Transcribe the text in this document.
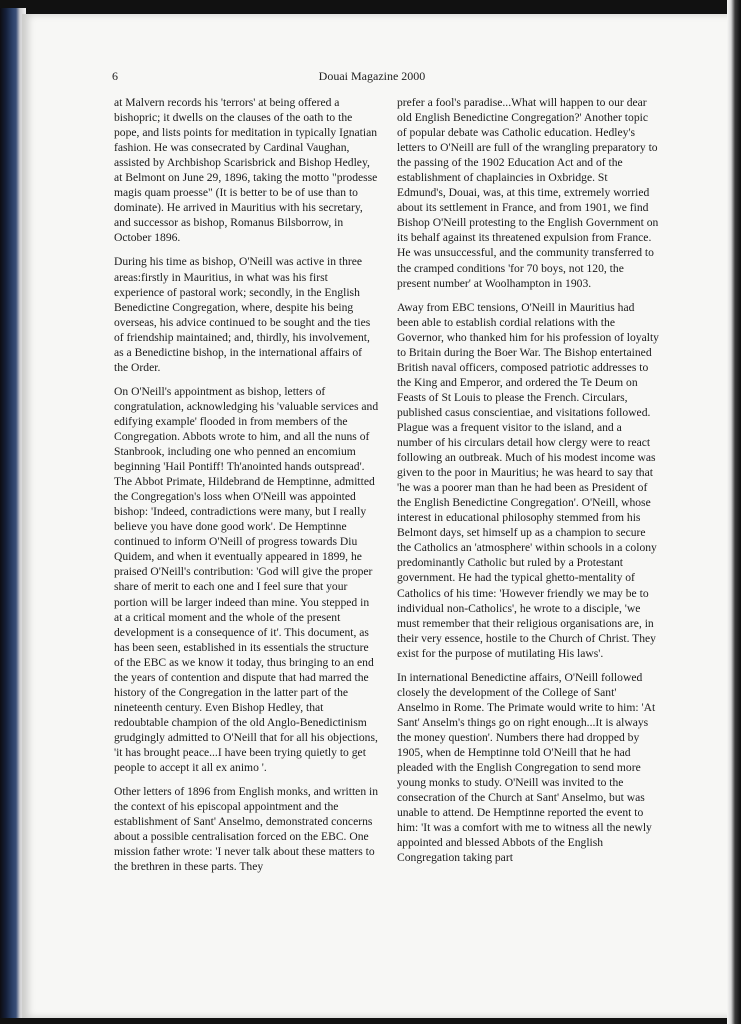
6	Douai Magazine 2000

at Malvern records his 'terrors' at being offered a bishopric; it dwells on the clauses of the oath to the pope, and lists points for meditation in typically Ignatian fashion. He was consecrated by Cardinal Vaughan, assisted by Archbishop Scarisbrick and Bishop Hedley, at Belmont on June 29, 1896, taking the motto "prodesse magis quam proesse" (It is better to be of use than to dominate). He arrived in Mauritius with his secretary, and successor as bishop, Romanus Bilsborrow, in October 1896.

During his time as bishop, O'Neill was active in three areas:firstly in Mauritius, in what was his first experience of pastoral work; secondly, in the English Benedictine Congregation, where, despite his being overseas, his advice continued to be sought and the ties of friendship maintained; and, thirdly, his involvement, as a Benedictine bishop, in the international affairs of the Order.

On O'Neill's appointment as bishop, letters of congratulation, acknowledging his 'valuable services and edifying example' flooded in from members of the Congregation. Abbots wrote to him, and all the nuns of Stanbrook, including one who penned an encomium beginning 'Hail Pontiff! Th'anointed hands outspread'. The Abbot Primate, Hildebrand de Hemptinne, admitted the Congregation's loss when O'Neill was appointed bishop: 'Indeed, contradictions were many, but I really believe you have done good work'. De Hemptinne continued to inform O'Neill of progress towards Diu Quidem, and when it eventually appeared in 1899, he praised O'Neill's contribution: 'God will give the proper share of merit to each one and I feel sure that your portion will be larger indeed than mine. You stepped in at a critical moment and the whole of the present development is a consequence of it'. This document, as has been seen, established in its essentials the structure of the EBC as we know it today, thus bringing to an end the years of contention and dispute that had marred the history of the Congregation in the latter part of the nineteenth century. Even Bishop Hedley, that redoubtable champion of the old Anglo-Benedictinism grudgingly admitted to O'Neill that for all his objections, 'it has brought peace...I have been trying quietly to get people to accept it all ex animo '.

Other letters of 1896 from English monks, and written in the context of his episcopal appointment and the establishment of Sant' Anselmo, demonstrated concerns about a possible centralisation forced on the EBC. One mission father wrote: 'I never talk about these matters to the brethren in these parts. They

prefer a fool's paradise...What will happen to our dear old English Benedictine Congregation?' Another topic of popular debate was Catholic education. Hedley's letters to O'Neill are full of the wrangling preparatory to the passing of the 1902 Education Act and of the establishment of chaplaincies in Oxbridge. St Edmund's, Douai, was, at this time, extremely worried about its settlement in France, and from 1901, we find Bishop O'Neill protesting to the English Government on its behalf against its threatened expulsion from France. He was unsuccessful, and the community transferred to the cramped conditions 'for 70 boys, not 120, the present number' at Woolhampton in 1903.

Away from EBC tensions, O'Neill in Mauritius had been able to establish cordial relations with the Governor, who thanked him for his profession of loyalty to Britain during the Boer War. The Bishop entertained British naval officers, composed patriotic addresses to the King and Emperor, and ordered the Te Deum on Feasts of St Louis to please the French. Circulars, published casus conscientiae, and visitations followed. Plague was a frequent visitor to the island, and a number of his circulars detail how clergy were to react following an outbreak. Much of his modest income was given to the poor in Mauritius; he was heard to say that 'he was a poorer man than he had been as President of the English Benedictine Congregation'. O'Neill, whose interest in educational philosophy stemmed from his Belmont days, set himself up as a champion to secure the Catholics an 'atmosphere' within schools in a colony predominantly Catholic but ruled by a Protestant government. He had the typical ghetto-mentality of Catholics of his time: 'However friendly we may be to individual non-Catholics', he wrote to a disciple, 'we must remember that their religious organisations are, in their very essence, hostile to the Church of Christ. They exist for the purpose of mutilating His laws'.

In international Benedictine affairs, O'Neill followed closely the development of the College of Sant' Anselmo in Rome. The Primate would write to him: 'At Sant' Anselm's things go on right enough...It is always the money question'. Numbers there had dropped by 1905, when de Hemptinne told O'Neill that he had pleaded with the English Congregation to send more young monks to study. O'Neill was invited to the consecration of the Church at Sant' Anselmo, but was unable to attend. De Hemptinne reported the event to him: 'It was a comfort with me to witness all the newly appointed and blessed Abbots of the English Congregation taking part
